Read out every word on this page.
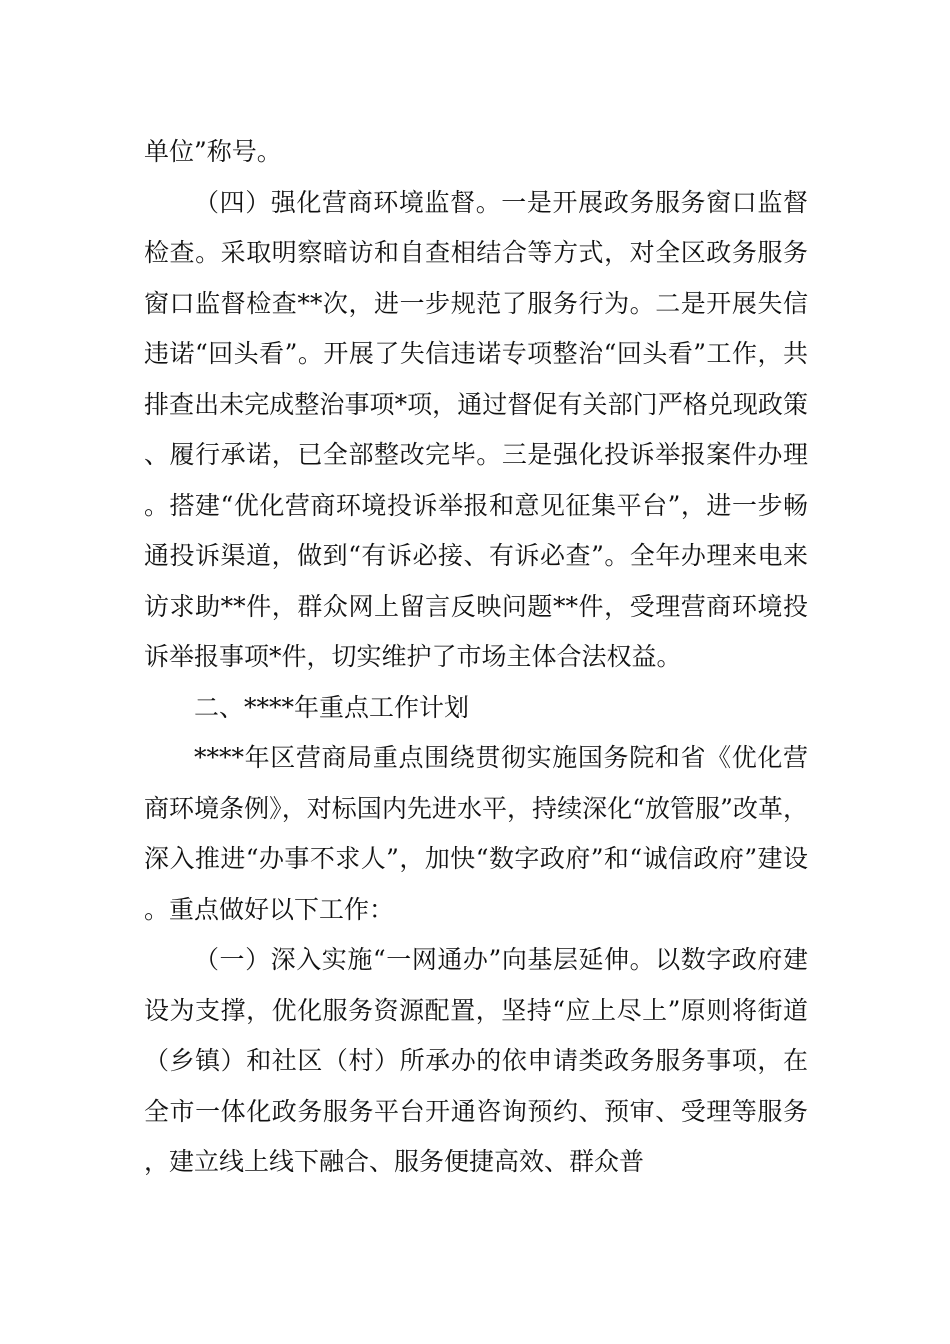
单位”称号。

（四）强化营商环境监督。一是开展政务服务窗口监督检查。采取明察暗访和自查相结合等方式，对全区政务服务窗口监督检查**次，进一步规范了服务行为。二是开展失信违诺“回头看”。开展了失信违诺专项整治“回头看”工作，共排查出未完成整治事项*项，通过督促有关部门严格兑现政策、履行承诺，已全部整改完毕。三是强化投诉举报案件办理。搭建“优化营商环境投诉举报和意见征集平台”，进一步畅通投诉渠道，做到“有诉必接、有诉必查”。全年办理来电来访求助**件，群众网上留言反映问题**件，受理营商环境投诉举报事项*件，切实维护了市场主体合法权益。

二、****年重点工作计划

****年区营商局重点围绕贯彻实施国务院和省《优化营商环境条例》，对标国内先进水平，持续深化“放管服”改革，深入推进“办事不求人”，加快“数字政府”和“诚信政府”建设。重点做好以下工作：

（一）深入实施“一网通办”向基层延伸。以数字政府建设为支撑，优化服务资源配置，坚持“应上尽上”原则将街道（乡镇）和社区（村）所承办的依申请类政务服务事项，在全市一体化政务服务平台开通咨询预约、预审、受理等服务，建立线上线下融合、服务便捷高效、群众普
